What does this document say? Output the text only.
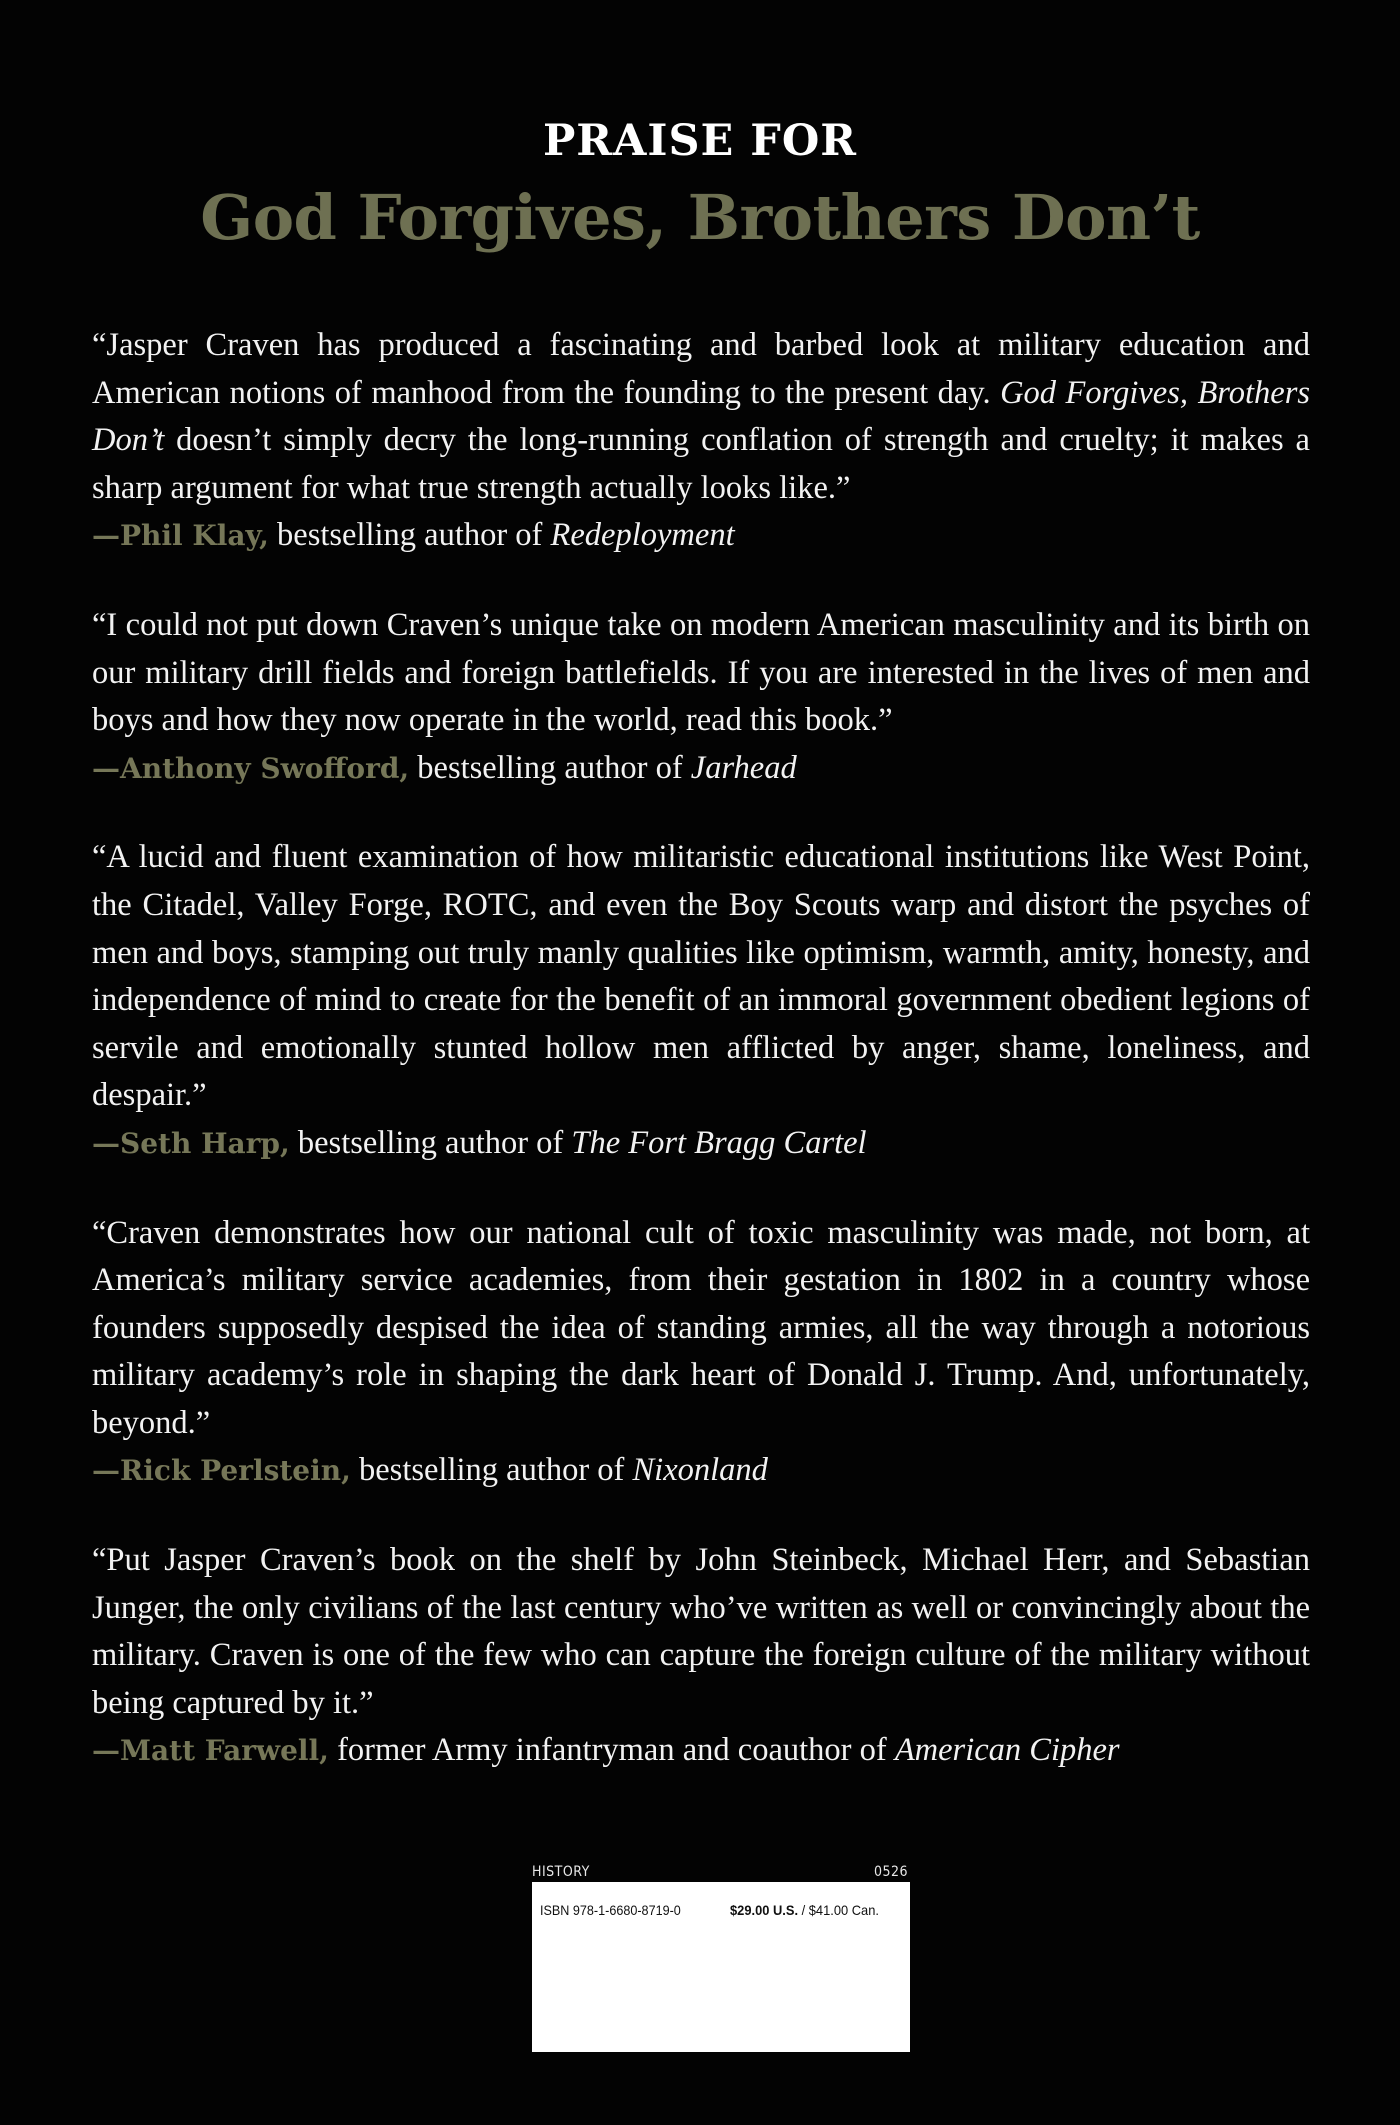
PRAISE FOR
God Forgives, Brothers Don’t

“Jasper Craven has produced a fascinating and barbed look at military education and American notions of manhood from the founding to the present day. God Forgives, Brothers Don’t doesn’t simply decry the long-running conflation of strength and cruelty; it makes a sharp argument for what true strength actually looks like.”

—Phil Klay, bestselling author of Redeployment

“I could not put down Craven’s unique take on modern American masculinity and its birth on our military drill fields and foreign battlefields. If you are interested in the lives of men and boys and how they now operate in the world, read this book.”

—Anthony Swofford, bestselling author of Jarhead

“A lucid and fluent examination of how militaristic educational institutions like West Point, the Citadel, Valley Forge, ROTC, and even the Boy Scouts warp and distort the psyches of men and boys, stamping out truly manly qualities like optimism, warmth, amity, honesty, and independence of mind to create for the benefit of an immoral government obedient legions of servile and emotionally stunted hollow men afflicted by anger, shame, loneliness, and despair.”

—Seth Harp, bestselling author of The Fort Bragg Cartel

“Craven demonstrates how our national cult of toxic masculinity was made, not born, at America’s military service academies, from their gestation in 1802 in a country whose founders supposedly despised the idea of standing armies, all the way through a notorious military academy’s role in shaping the dark heart of Donald J. Trump. And, unfortunately, beyond.”

—Rick Perlstein, bestselling author of Nixonland

“Put Jasper Craven’s book on the shelf by John Steinbeck, Michael Herr, and Sebastian Junger, the only civilians of the last century who’ve written as well or convincingly about the military. Craven is one of the few who can capture the foreign culture of the military without being captured by it.”

—Matt Farwell, former Army infantryman and coauthor of American Cipher

HISTORY	0526
ISBN 978-1-6680-8719-0	$29.00 U.S. / $41.00 Can.
